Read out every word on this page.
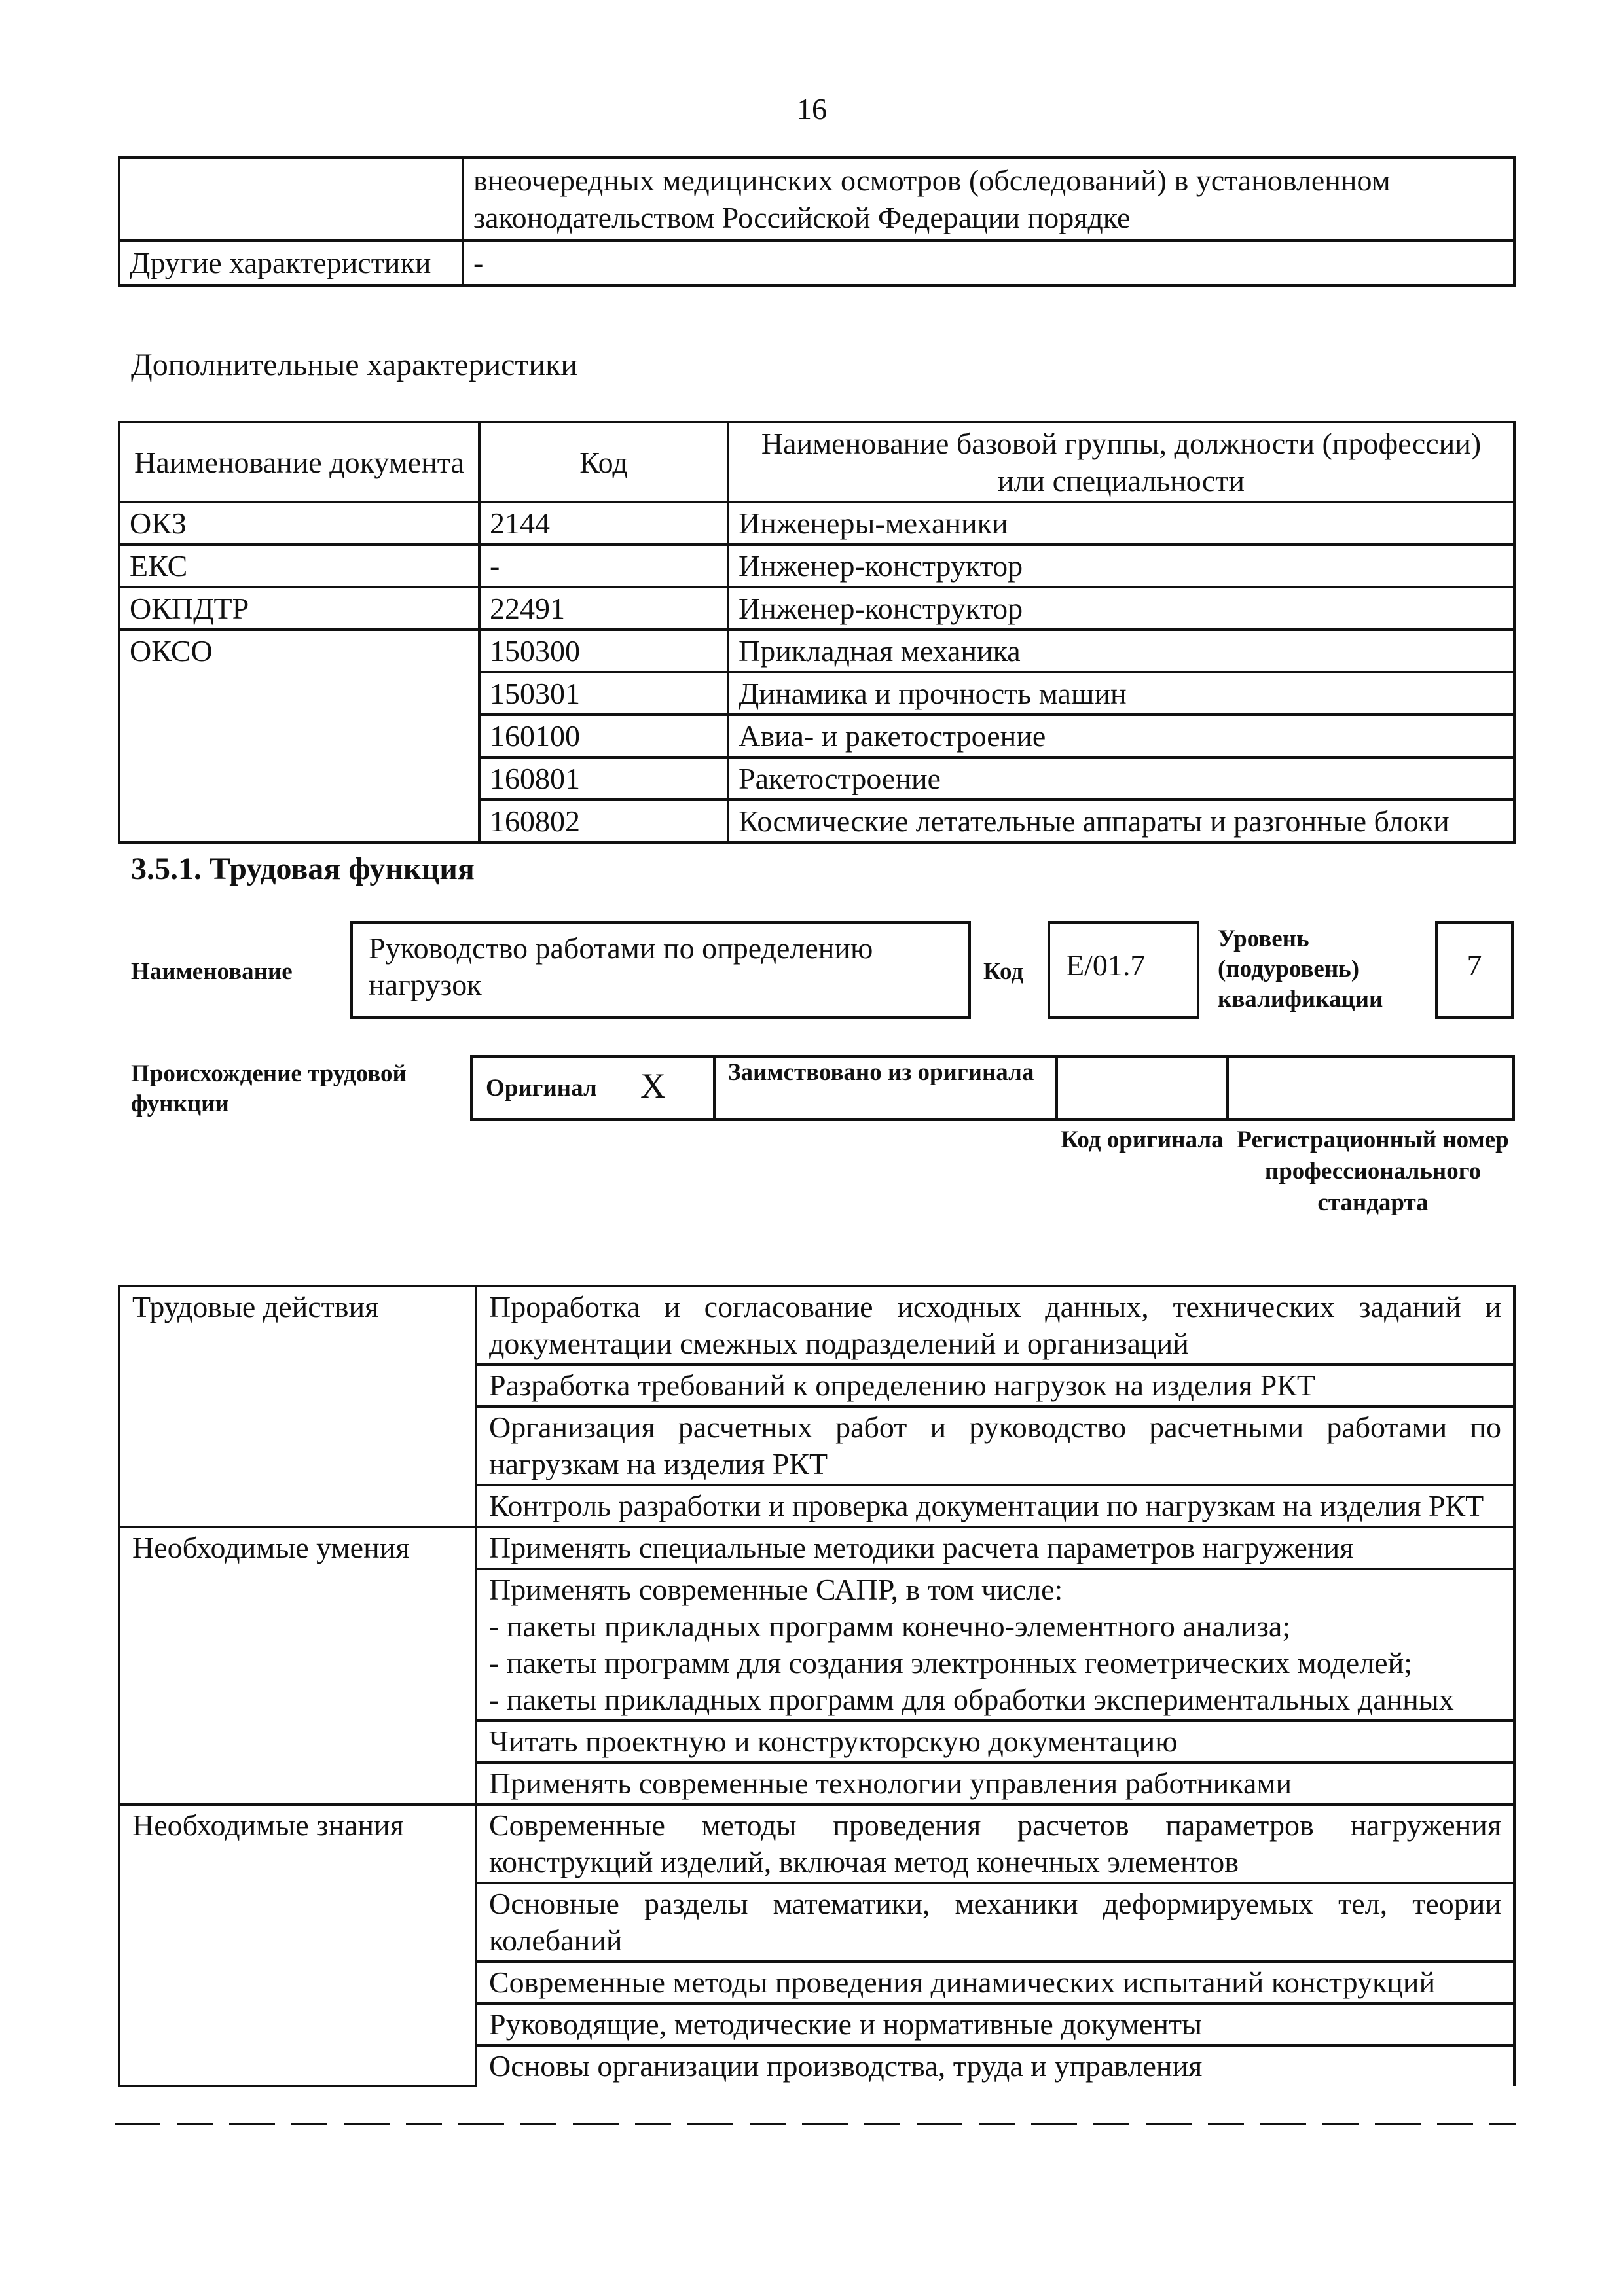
16
	внеочередных медицинских осмотров (обследований) в установленном законодательством Российской Федерации порядке
Другие характеристики	-
Дополнительные характеристики
Наименование документа	Код	Наименование базовой группы, должности (профессии) или специальности
ОКЗ	2144	Инженеры-механики
ЕКС	-	Инженер-конструктор
ОКПДТР	22491	Инженер-конструктор
ОКСО	150300	Прикладная механика
	150301	Динамика и прочность машин
	160100	Авиа- и ракетостроение
	160801	Ракетостроение
	160802	Космические летательные аппараты и разгонные блоки
3.5.1. Трудовая функция
Наименование
Руководство работами по определению нагрузок	Код	E/01.7
Уровень (подуровень) квалификации
7
Происхождение трудовой функции
Оригинал X	Заимствовано из оригинала
Код оригинала Регистрационный номер профессионального стандарта
Трудовые действия	Проработка и согласование исходных данных, технических заданий и документации смежных подразделений и организаций
	Разработка требований к определению нагрузок на изделия РКТ
	Организация расчетных работ и руководство расчетными работами по нагрузкам на изделия РКТ
	Контроль разработки и проверка документации по нагрузкам на изделия РКТ
Необходимые умения	Применять специальные методики расчета параметров нагружения
	Применять современные САПР, в том числе:
- пакеты прикладных программ конечно-элементного анализа;
- пакеты программ для создания электронных геометрических моделей;
- пакеты прикладных программ для обработки экспериментальных данных
	Читать проектную и конструкторскую документацию
	Применять современные технологии управления работниками
Необходимые знания	Современные методы проведения расчетов параметров нагружения конструкций изделий, включая метод конечных элементов
	Основные разделы математики, механики деформируемых тел, теории колебаний
	Современные методы проведения динамических испытаний конструкций
	Руководящие, методические и нормативные документы
	Основы организации производства, труда и управления
